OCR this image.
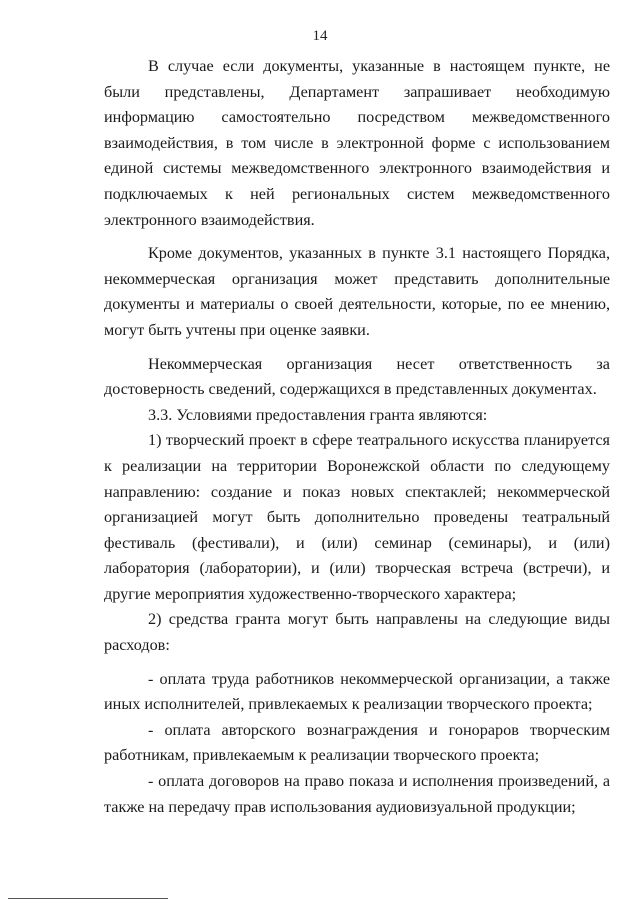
14

В случае если документы, указанные в настоящем пункте, не были представлены, Департамент запрашивает необходимую информацию самостоятельно посредством межведомственного взаимодействия, в том числе в электронной форме с использованием единой системы межведомственного электронного взаимодействия и подключаемых к ней региональных систем межведомственного электронного взаимодействия.

Кроме документов, указанных в пункте 3.1 настоящего Порядка, некоммерческая организация может представить дополнительные документы и материалы о своей деятельности, которые, по ее мнению, могут быть учтены при оценке заявки.

Некоммерческая организация несет ответственность за достоверность сведений, содержащихся в представленных документах.

3.3. Условиями предоставления гранта являются:

1) творческий проект в сфере театрального искусства планируется к реализации на территории Воронежской области по следующему направлению: создание и показ новых спектаклей; некоммерческой организацией могут быть дополнительно проведены театральный фестиваль (фестивали), и (или) семинар (семинары), и (или) лаборатория (лаборатории), и (или) творческая встреча (встречи), и другие мероприятия художественно-творческого характера;

2) средства гранта могут быть направлены на следующие виды расходов:

- оплата труда работников некоммерческой организации, а также иных исполнителей, привлекаемых к реализации творческого проекта;

- оплата авторского вознаграждения и гонораров творческим работникам, привлекаемым к реализации творческого проекта;

- оплата договоров на право показа и исполнения произведений, а также на передачу прав использования аудиовизуальной продукции;
